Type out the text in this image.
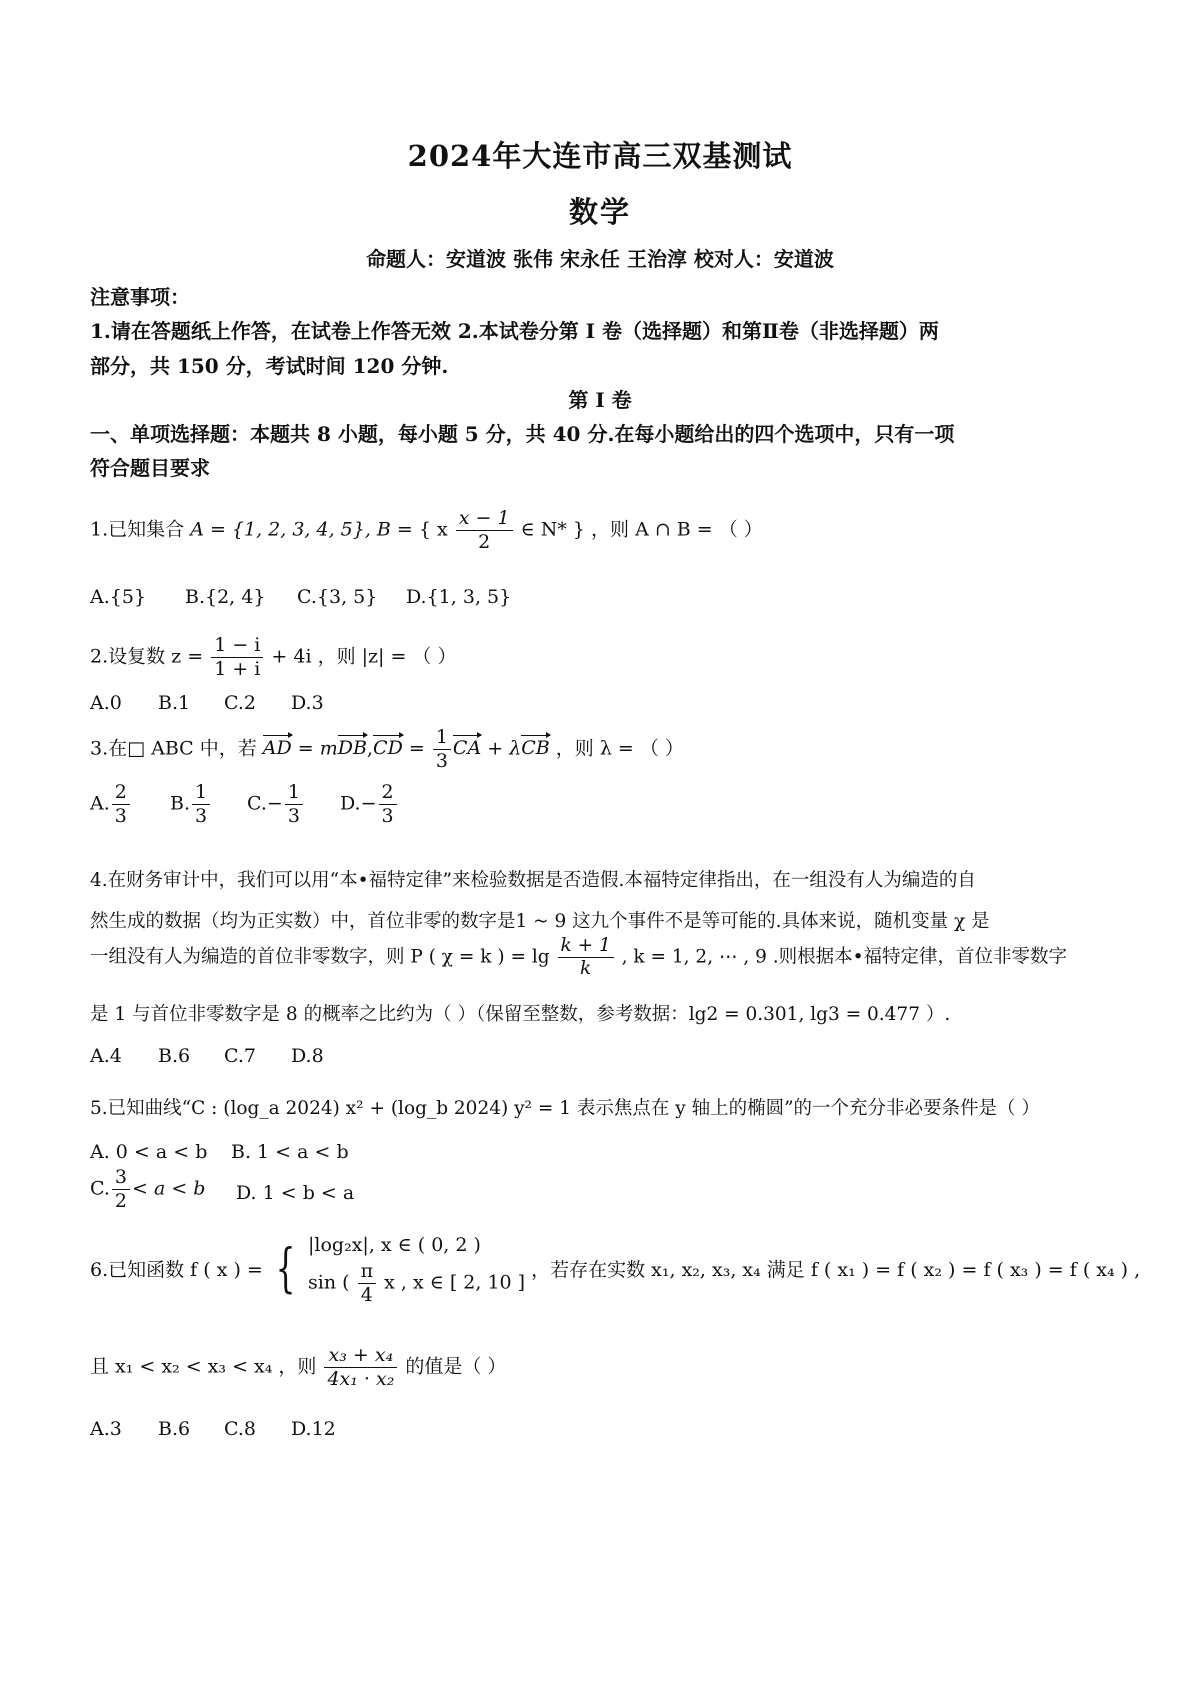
2024年大连市高三双基测试
数学
命题人：安道波 张伟 宋永任 王治淳 校对人：安道波
注意事项：
1.请在答题纸上作答，在试卷上作答无效 2.本试卷分第 I 卷（选择题）和第Ⅱ卷（非选择题）两
部分，共 150 分，考试时间 120 分钟.
第 I 卷
一、单项选择题：本题共 8 小题，每小题 5 分，共 40 分.在每小题给出的四个选项中，只有一项
符合题目要求
1.已知集合 A = {1, 2, 3, 4, 5}, B = { x $\frac{x - 1}{2}$ ∈ N* } ，则 A ∩ B = （ ）
A.{5} B.{2, 4} C.{3, 5} D.{1, 3, 5}
2.设复数 $z = \frac{1 - i}{1 + i} + 4i$ ，则 |z| = （ ）
A.0 B.1 C.2 D.3
3.在□ ABC 中，若 AD = $mDB,CD = \frac{1}{3}$ CA + λCB ，则 λ = （ ）
A. $\frac{2}{3} B$. $\frac{1}{3} C.- \frac{1}{3} D.- \frac{2}{3}$
4.在财务审计中，我们可以用“本•福特定律”来检验数据是否造假.本福特定律指出，在一组没有人为编造的自
然生成的数据（均为正实数）中，首位非零的数字是1 ~ 9 这九个事件不是等可能的.具体来说，随机变量 χ 是
一组没有人为编造的首位非零数字，则 P ( χ = k ) = $\lg \frac{k + 1}{k}$ , k = 1, 2, ⋯ , 9 .则根据本•福特定律，首位非零数字
是 1 与首位非零数字是 8 的概率之比约为（ ）（保留至整数，参考数据：lg2 = 0.301, lg3 = 0.477 ）.
A.4 B.6 C.7 D.8
5.已知曲线“C : (log_a 2024) x² + (log_b 2024) y² = 1 表示焦点在 y 轴上的椭圆”的一个充分非必要条件是（ ）
A. 0 < a < b B. 1 < a < b
C. $\frac{3}{2} < a < b$ D. 1 < b < a
6.已知函数 f ( x ) = { |log₂x|, x ∈ ( 0, 2 )
sin ( $\frac{\pi}{4}$ x , x ∈ [ 2, 10 ]
，若存在实数 x₁, x₂, x₃, x₄ 满足 f ( x₁ ) = f ( x₂ ) = f ( x₃ ) = f ( x₄ ) ,
且 x₁ < x₂ < x₃ < x₄ ，则 $\frac{\text{x₃ + x₄}}{\text{4x₁ · x₂}}$ 的值是（ ）
A.3 B.6 C.8 D.12
